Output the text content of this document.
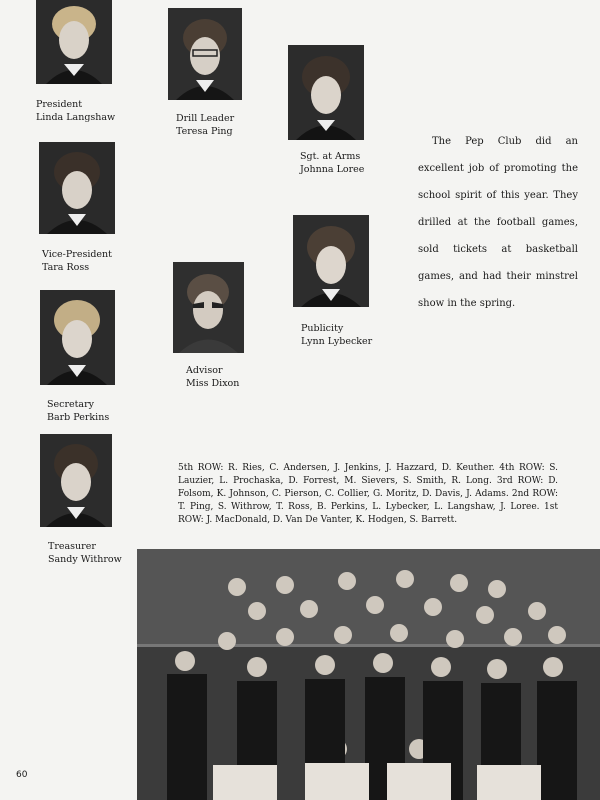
President
Linda Langshaw	Drill Leader
Teresa Ping
Sgt. at Arms
Johnna Loree
Vice-President
Tara Ross
Publicity
Lynn Lybecker
Advisor
Miss Dixon
Secretary
Barb Perkins
Treasurer
Sandy Withrow

The Pep Club did an excellent job of promoting the school spirit of this year. They drilled at the football games, sold tickets at basketball games, and had their minstrel show in the spring.

5th ROW: R. Ries, C. Andersen, J. Jenkins, J. Hazzard, D. Keuther. 4th ROW: S. Lauzier, L. Prochaska, D. Forrest, M. Sievers, S. Smith, R. Long. 3rd ROW: D. Folsom, K. Johnson, C. Pierson, C. Collier, G. Moritz, D. Davis, J. Adams. 2nd ROW: T. Ping, S. Withrow, T. Ross, B. Perkins, L. Lybecker, L. Langshaw, J. Loree. 1st ROW: J. MacDonald, D. Van De Vanter, K. Hodgen, S. Barrett.
60
